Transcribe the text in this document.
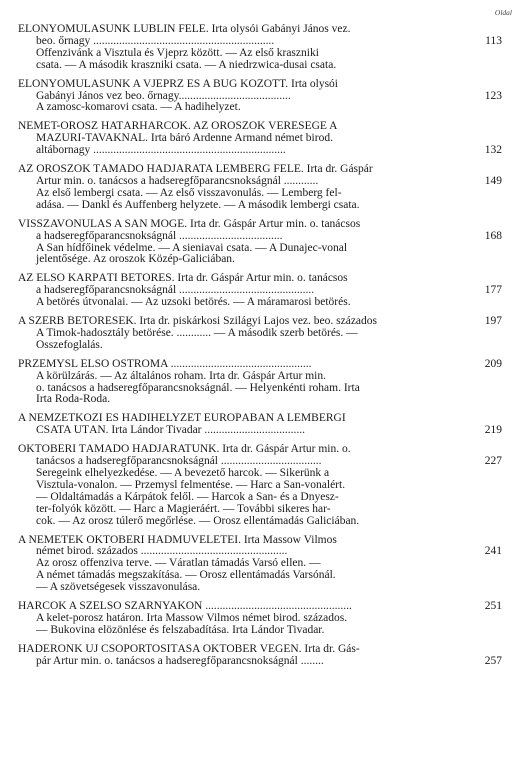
Oldal
ELŐNYOMULÁSUNK LUBLIN FELÉ. Írta olysói Gabányi János vez.
beo. őrnagy ...............................................................	113
Offenzivánk a Visztula és Vjeprz között. — Az első kraszniki
csata. — A második kraszniki csata. — A niedrzwica-dusai csata.
ELŐNYOMULÁSUNK A VJEPRZ ÉS A BUG KÖZÖTT. Írta olysói
Gabányi János vez beo. őrnagy.......................................	123
A zamosc-komarovi csata. — A hadihelyzet.
NÉMET-OROSZ HATÁRHARCOK. AZ OROSZOK VERESÉGE A
MAZURI-TAVAKNÁL. Írta báró Ardenne Armand német birod.
altábornagy ...................................................................	132
AZ OROSZOK TÁMADÓ HADJÁRATA LEMBERG FELÉ. Írta dr. Gáspár
Artur min. o. tanácsos a hadseregfőparancsnokságnál ............	149
Az első lembergi csata. — Az első visszavonulás. — Lemberg fel-
adása. — Dankl és Auffenberg helyzete. — A második lembergi csata.
VISSZAVONULÁS A SAN MÖGÉ. Írta dr. Gáspár Artur min. o. tanácsos
a hadseregfőparancsnokságnál ....................................	168
A San hídfőinek védelme. — A sieniavai csata. — A Dunajec-vonal
jelentősége. Az oroszok Közép-Galiciában.
AZ ELSŐ KÁRPÁTI BETÖRÉS. Írta dr. Gáspár Artur min. o. tanácsos
a hadseregfőparancsnokságnál ...............................................	177
A betörés útvonalai. — Az uzsoki betörés. — A máramarosi betörés.
A SZERB BETÖRÉSEK. Írta dr. piskárkosi Szilágyi Lajos vez. beo. százados	197
A Timok-hadosztály betörése. ............ — A második szerb betörés. —
Összefoglalás.
PRZEMYSL ELSŐ OSTROMA .................................................	209
A körülzárás. — Az általános roham. Írta dr. Gáspár Artur min.
o. tanácsos a hadseregfőparancsnokságnál. — Helyenkénti roham. Írta
Írta Roda-Roda.
A NEMZETKÖZI ÉS HADIHELYZET EURÓPÁBAN A LEMBERGI
CSATA UTÁN. Írta Lándor Tivadar ...................................	219
OKTÓBERI TÁMADÓ HADJÁRATUNK. Írta dr. Gáspár Artur min. o.
tanácsos a hadseregfőparancsnokságnál ...................................	227
Seregeink elhelyezkedése. — A bevezető harcok. — Sikerünk a
Visztula-vonalon. — Przemysl felmentése. — Harc a San-vonalért.
— Oldaltámadás a Kárpátok felől. — Harcok a San- és a Dnyesz-
ter-folyók között. — Harc a Magieráért. — További sikeres har-
cok. — Az orosz túlerő megőrlése. — Orosz ellentámadás Galiciában.
A NÉMETEK OKTÓBERI HADMŰVELETEI. Írta Massow Vilmos
német birod. százados ...................................................	241
Az orosz offenziva terve. — Váratlan támadás Varsó ellen. —
A német támadás megszakítása. — Orosz ellentámadás Varsónál.
— A szövetségesek visszavonulása.
HARCOK A SZÉLSŐ SZÁRNYAKON ...................................................	251
A kelet-porosz határon. Írta Massow Vilmos német birod. százados.
— Bukovina elözönlése és felszabadítása. Írta Lándor Tivadar.
HADERŐNK ÚJ CSOPORTOSÍTÁSA OKTÓBER VÉGÉN. Írta dr. Gás-
pár Artur min. o. tanácsos a hadseregfőparancsnokságnál ........	257
